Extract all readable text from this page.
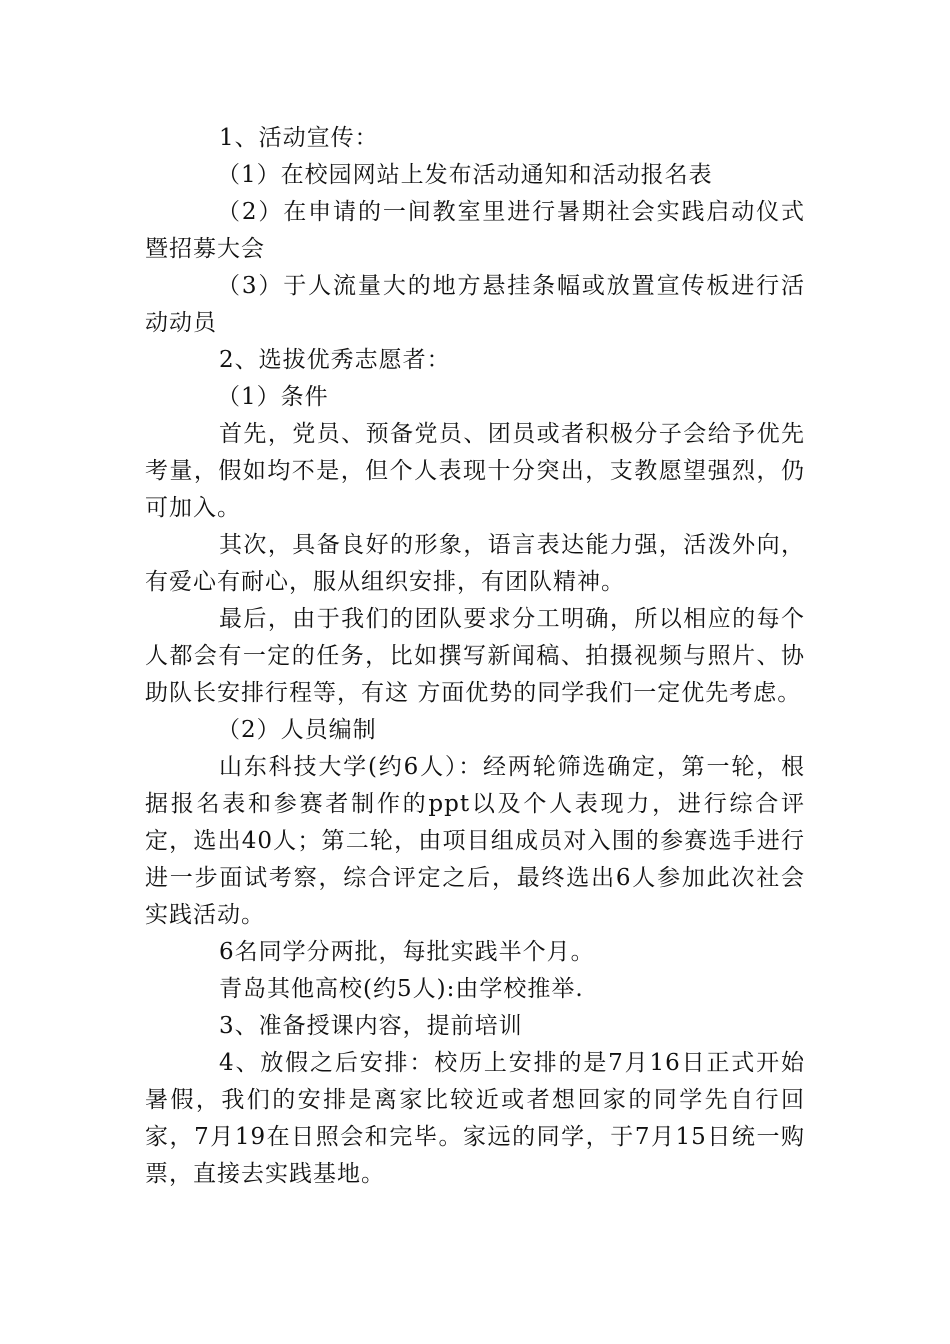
1、活动宣传：

（1）在校园网站上发布活动通知和活动报名表

（2）在申请的一间教室里进行暑期社会实践启动仪式暨招募大会

（3）于人流量大的地方悬挂条幅或放置宣传板进行活动动员

2、选拔优秀志愿者：

（1）条件

首先，党员、预备党员、团员或者积极分子会给予优先考量，假如均不是，但个人表现十分突出，支教愿望强烈，仍可加入。

其次，具备良好的形象，语言表达能力强，活泼外向，有爱心有耐心，服从组织安排，有团队精神。

最后，由于我们的团队要求分工明确，所以相应的每个人都会有一定的任务，比如撰写新闻稿、拍摄视频与照片、协助队长安排行程等，有这 方面优势的同学我们一定优先考虑。

（2）人员编制

山东科技大学(约6人）：经两轮筛选确定，第一轮，根据报名表和参赛者制作的ppt以及个人表现力，进行综合评定，选出40人；第二轮，由项目组成员对入围的参赛选手进行进一步面试考察，综合评定之后，最终选出6人参加此次社会实践活动。

6名同学分两批，每批实践半个月。

青岛其他高校(约5人):由学校推举.

3、准备授课内容，提前培训

4、放假之后安排：校历上安排的是7月16日正式开始暑假，我们的安排是离家比较近或者想回家的同学先自行回家，7月19在日照会和完毕。家远的同学，于7月15日统一购票，直接去实践基地。
